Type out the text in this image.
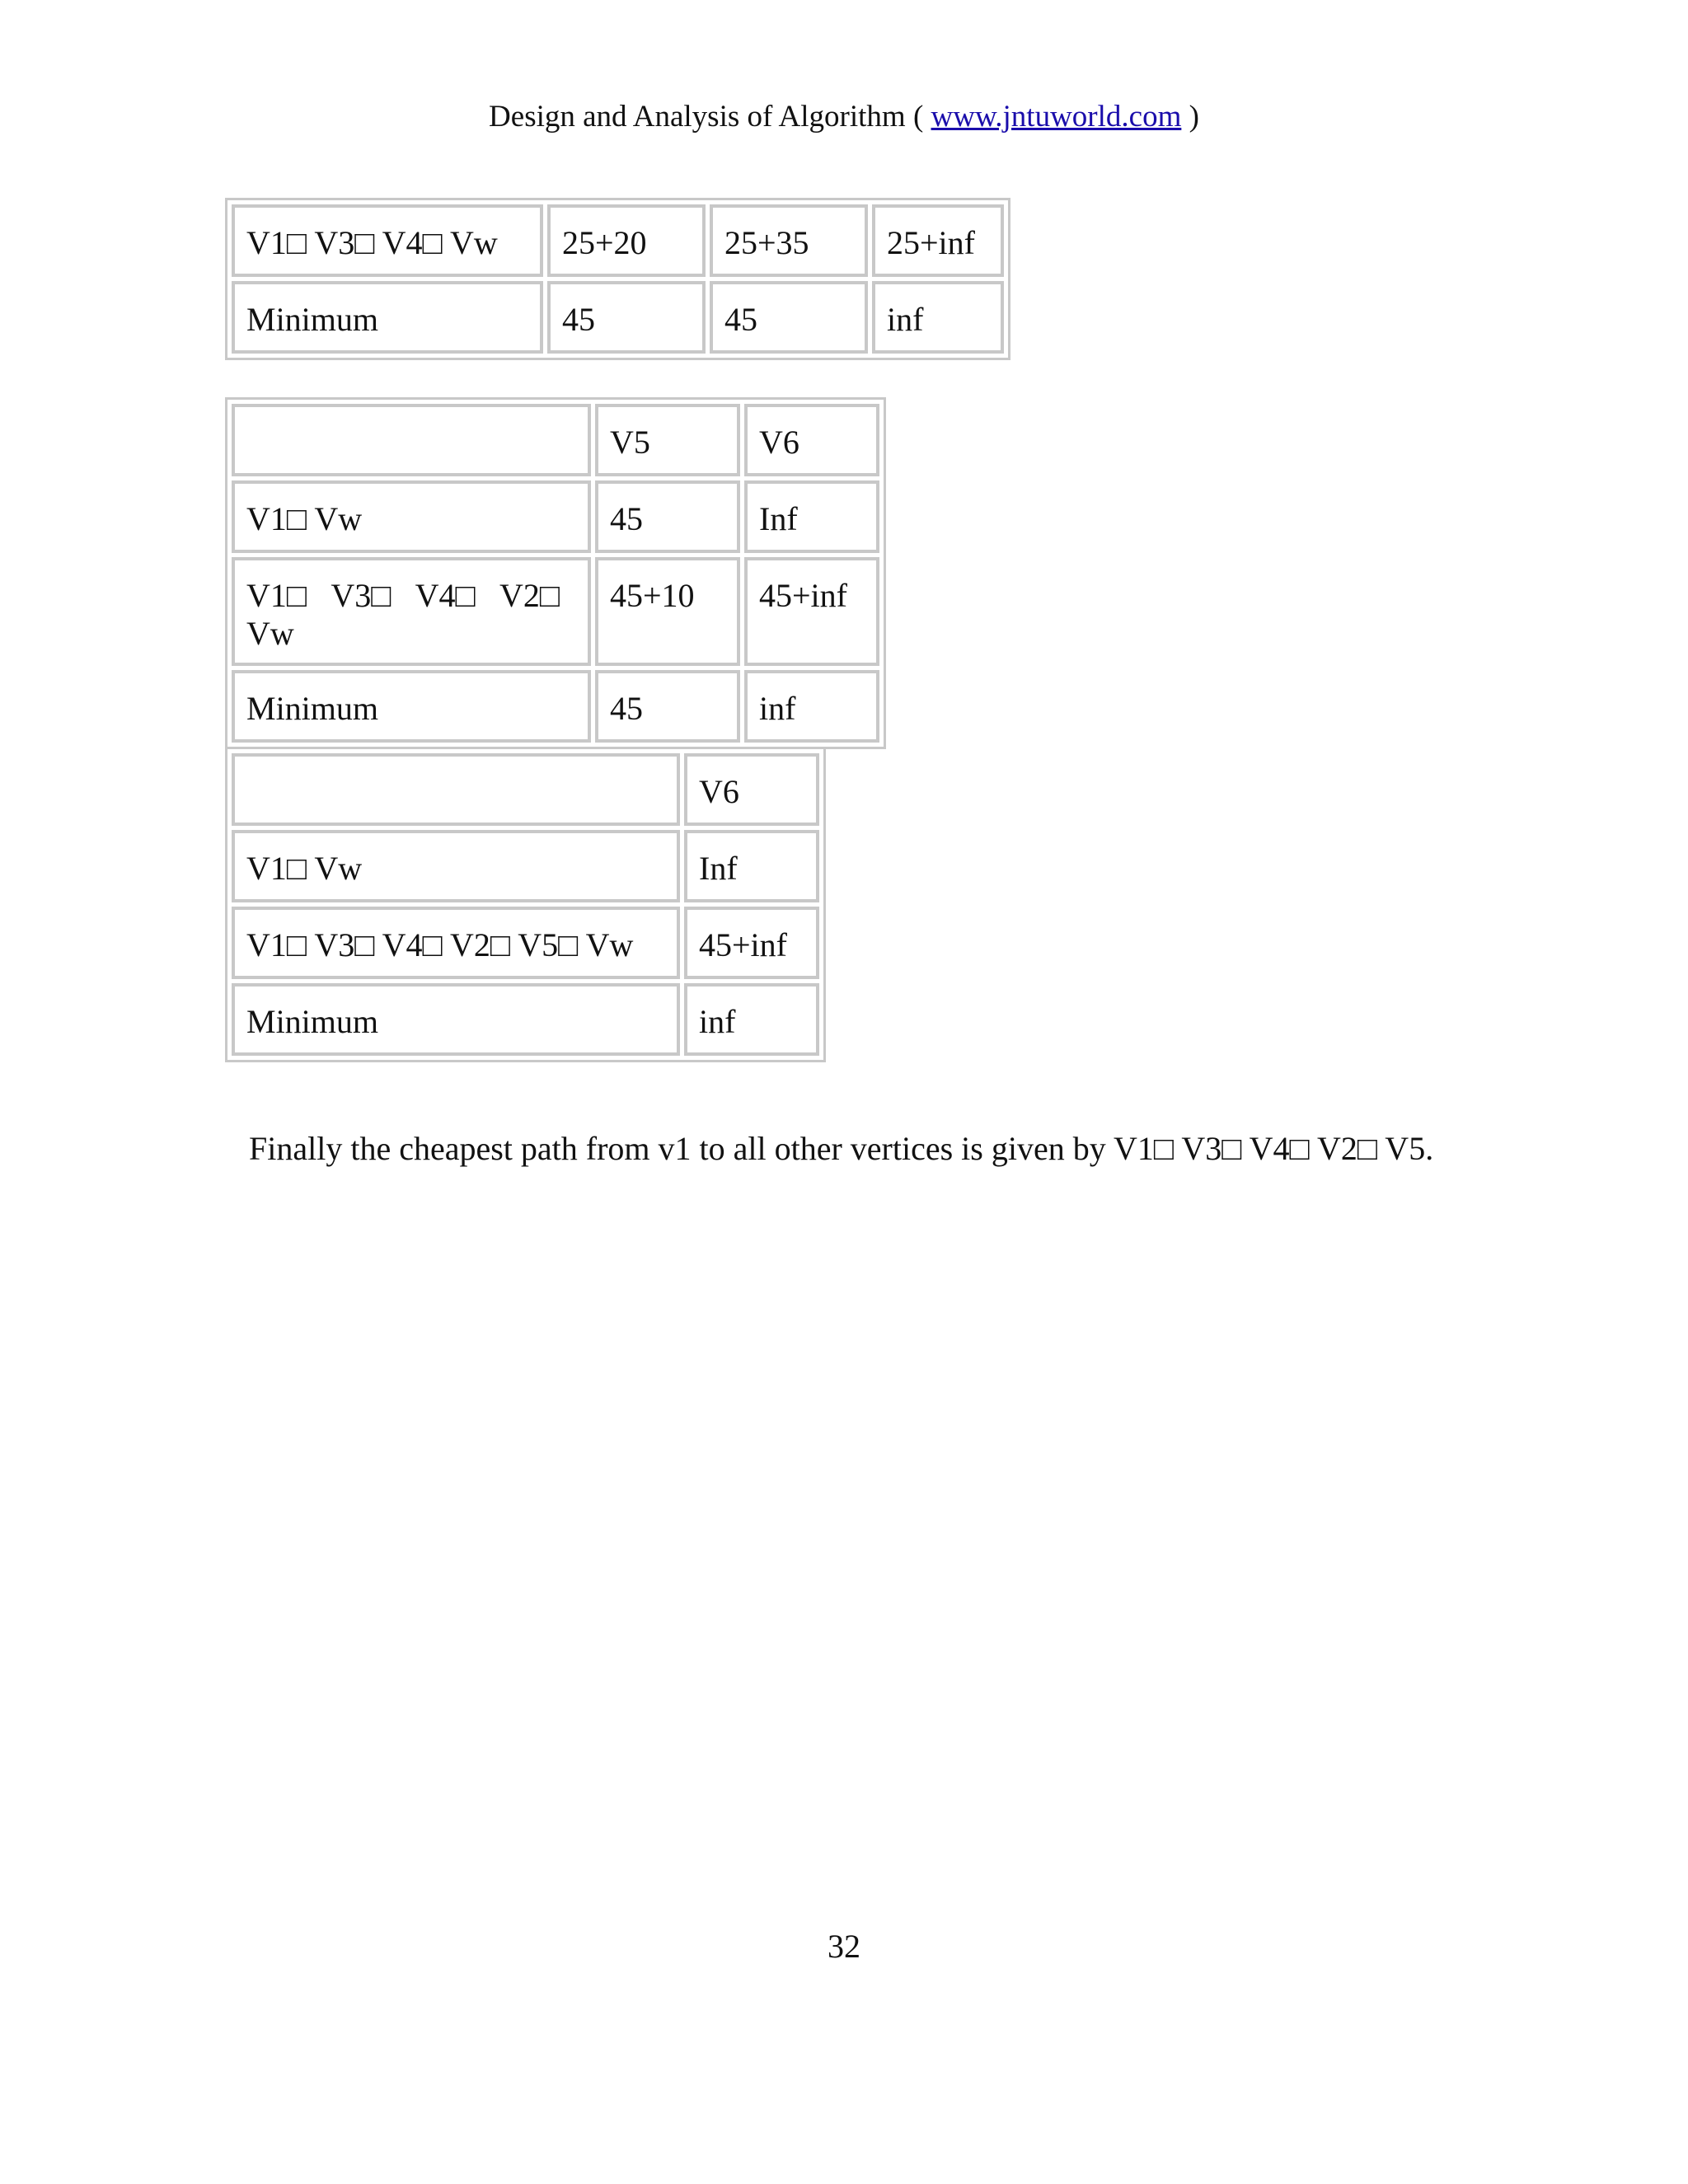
Design and Analysis of Algorithm ( www.jntuworld.com )
V1□ V3□ V4□ Vw	25+20	25+35	25+inf
Minimum	45	45	inf
	V5	V6
V1□ Vw	45	Inf
V1□   V3□   V4□   V2□ Vw	45+10	45+inf
Minimum	45	inf
	V6
V1□ Vw	Inf
V1□ V3□ V4□ V2□ V5□ Vw	45+inf
Minimum	inf

Finally the cheapest path from v1 to all other vertices is given by V1□ V3□ V4□ V2□ V5.

32
